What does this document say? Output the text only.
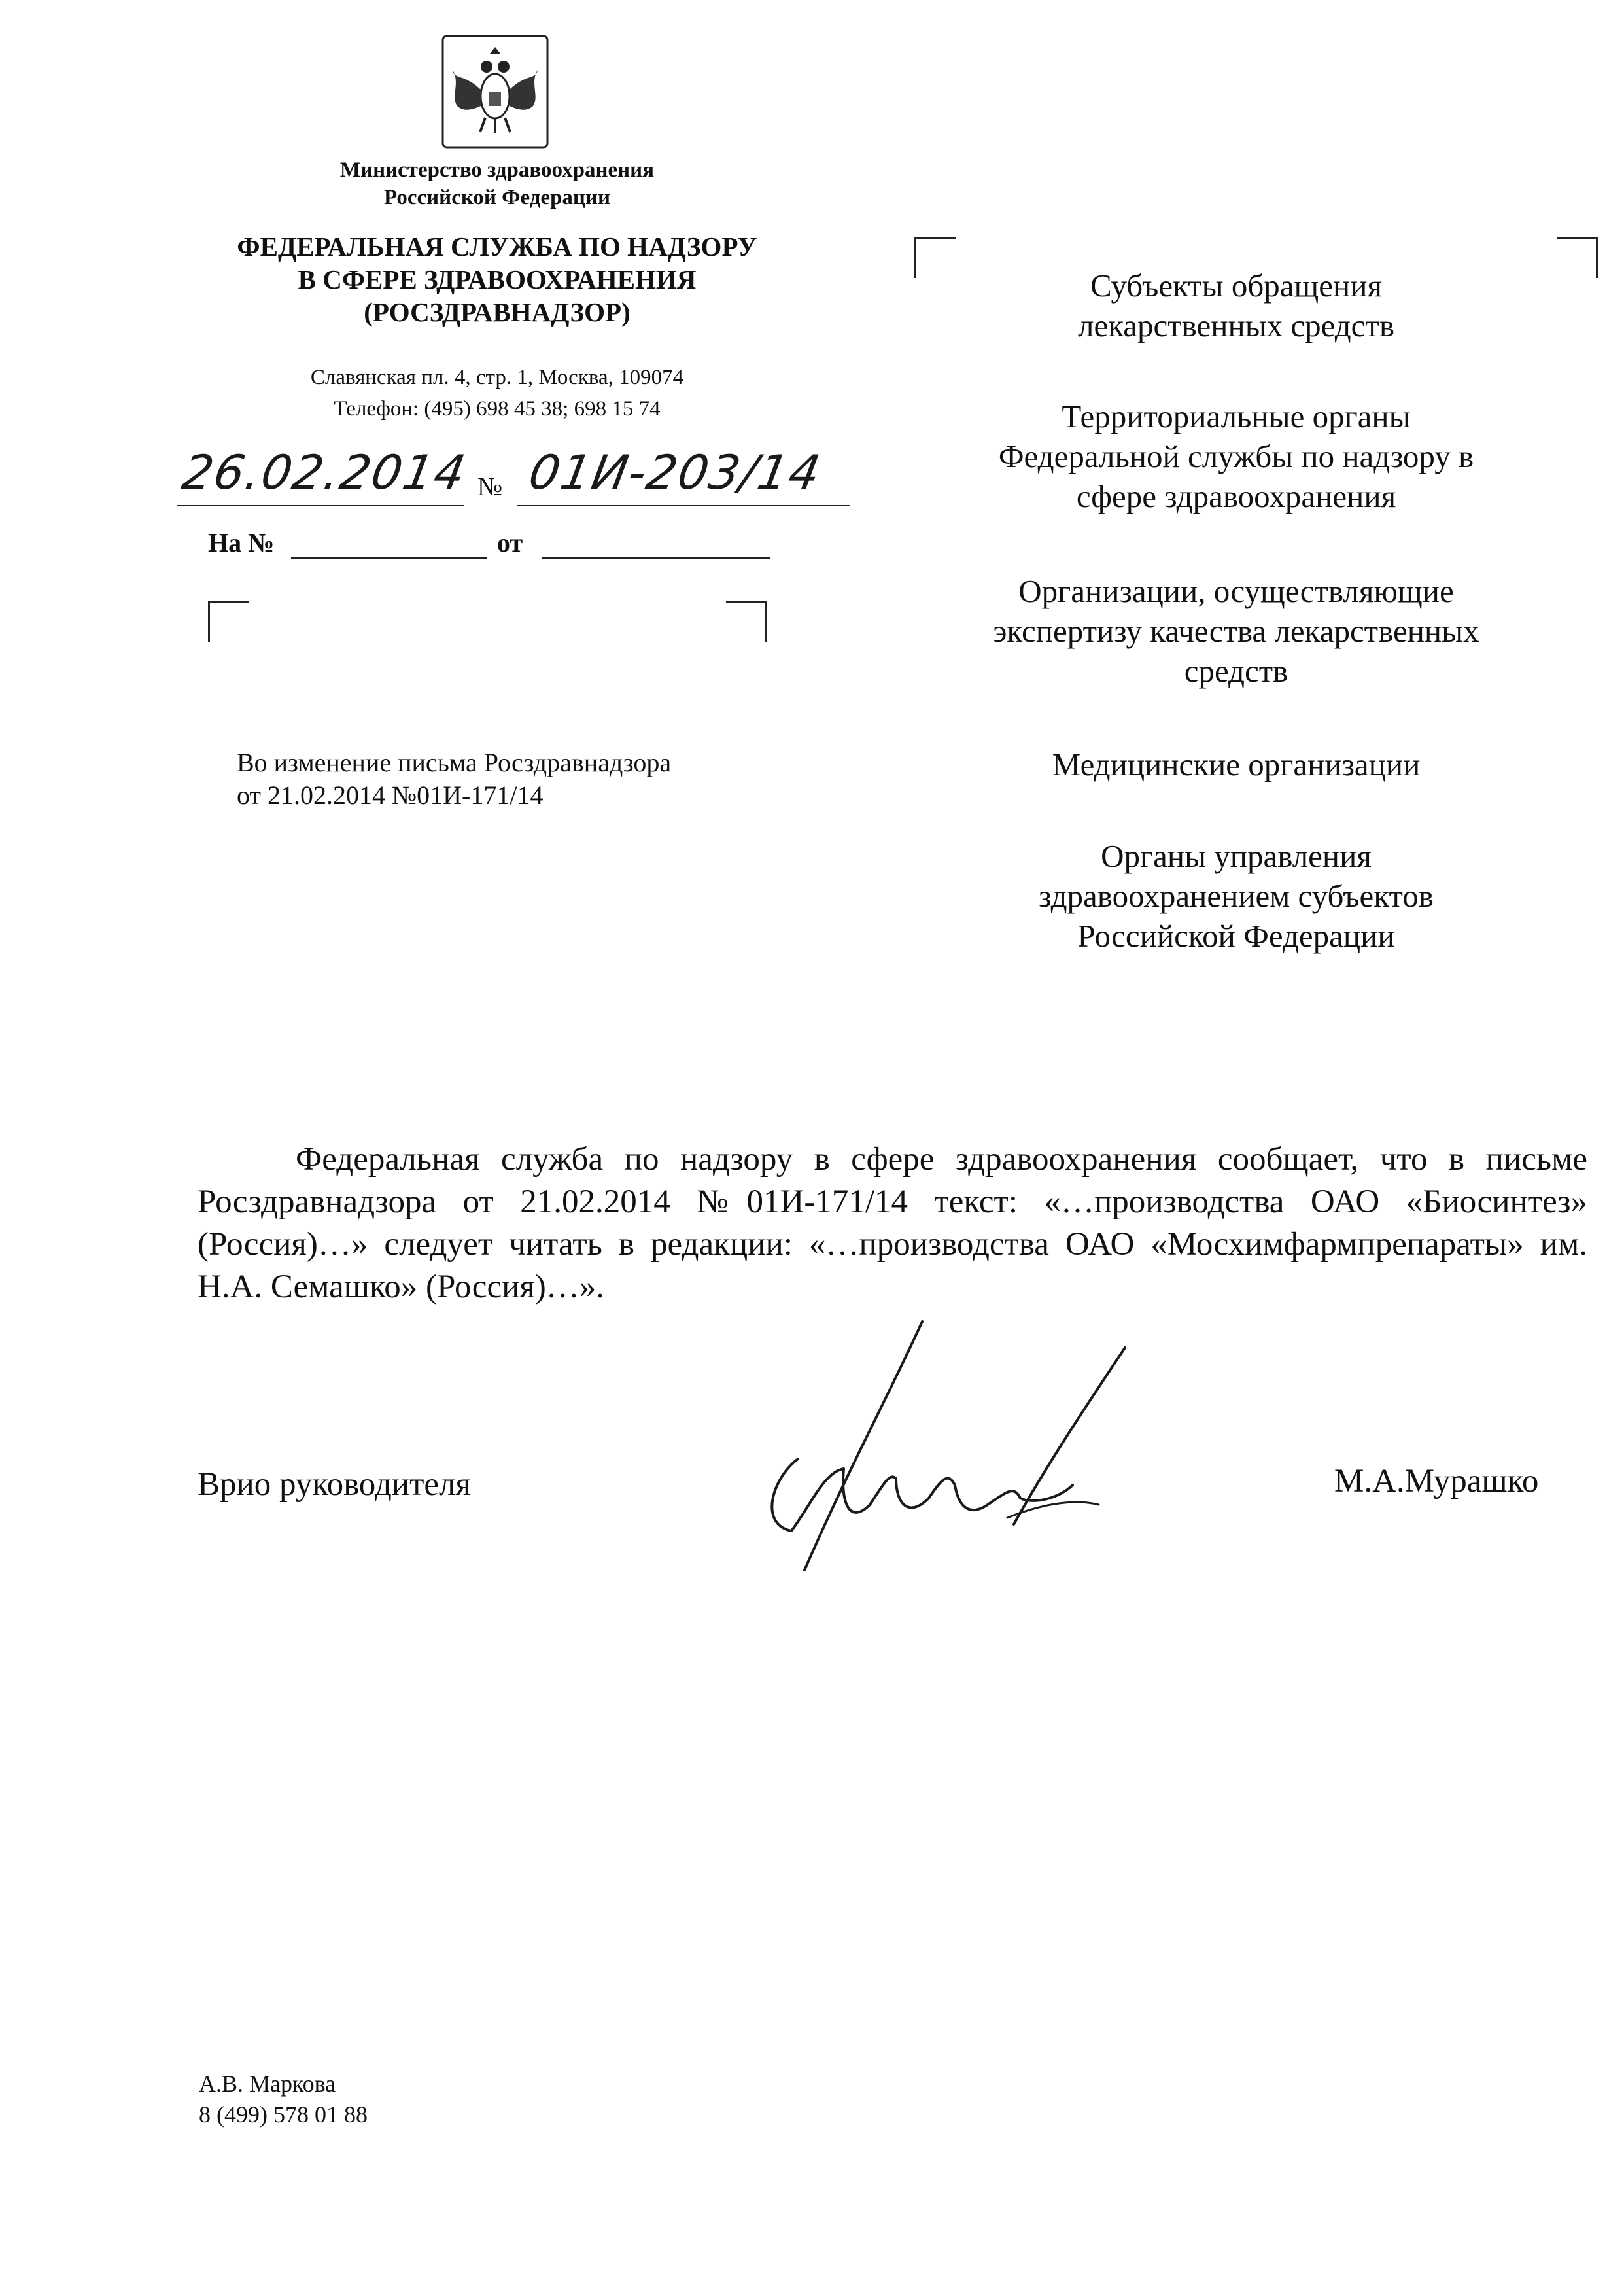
Министерство здравоохранения
Российской Федерации
ФЕДЕРАЛЬНАЯ СЛУЖБА ПО НАДЗОРУ
В СФЕРЕ ЗДРАВООХРАНЕНИЯ
(РОСЗДРАВНАДЗОР)
Славянская пл. 4, стр. 1, Москва, 109074
Телефон: (495) 698 45 38; 698 15 74
26.02.2014 № 01И-203/14
На №	от
Во изменение письма Росздравнадзора
от 21.02.2014 №01И-171/14
Субъекты обращения
лекарственных средств
Территориальные органы
Федеральной службы по надзору в
сфере здравоохранения
Организации, осуществляющие
экспертизу качества лекарственных
средств
Медицинские организации
Органы управления
здравоохранением субъектов
Российской Федерации
Федеральная служба по надзору в сфере здравоохранения сообщает, что в письме Росздравнадзора от 21.02.2014 №01И-171/14 текст: «…производства ОАО «Биосинтез» (Россия)…» следует читать в редакции: «…производства ОАО «Мосхимфармпрепараты» им. Н.А. Семашко» (Россия)…».
Врио руководителя	М.А.Мурашко
А.В. Маркова
8 (499) 578 01 88
